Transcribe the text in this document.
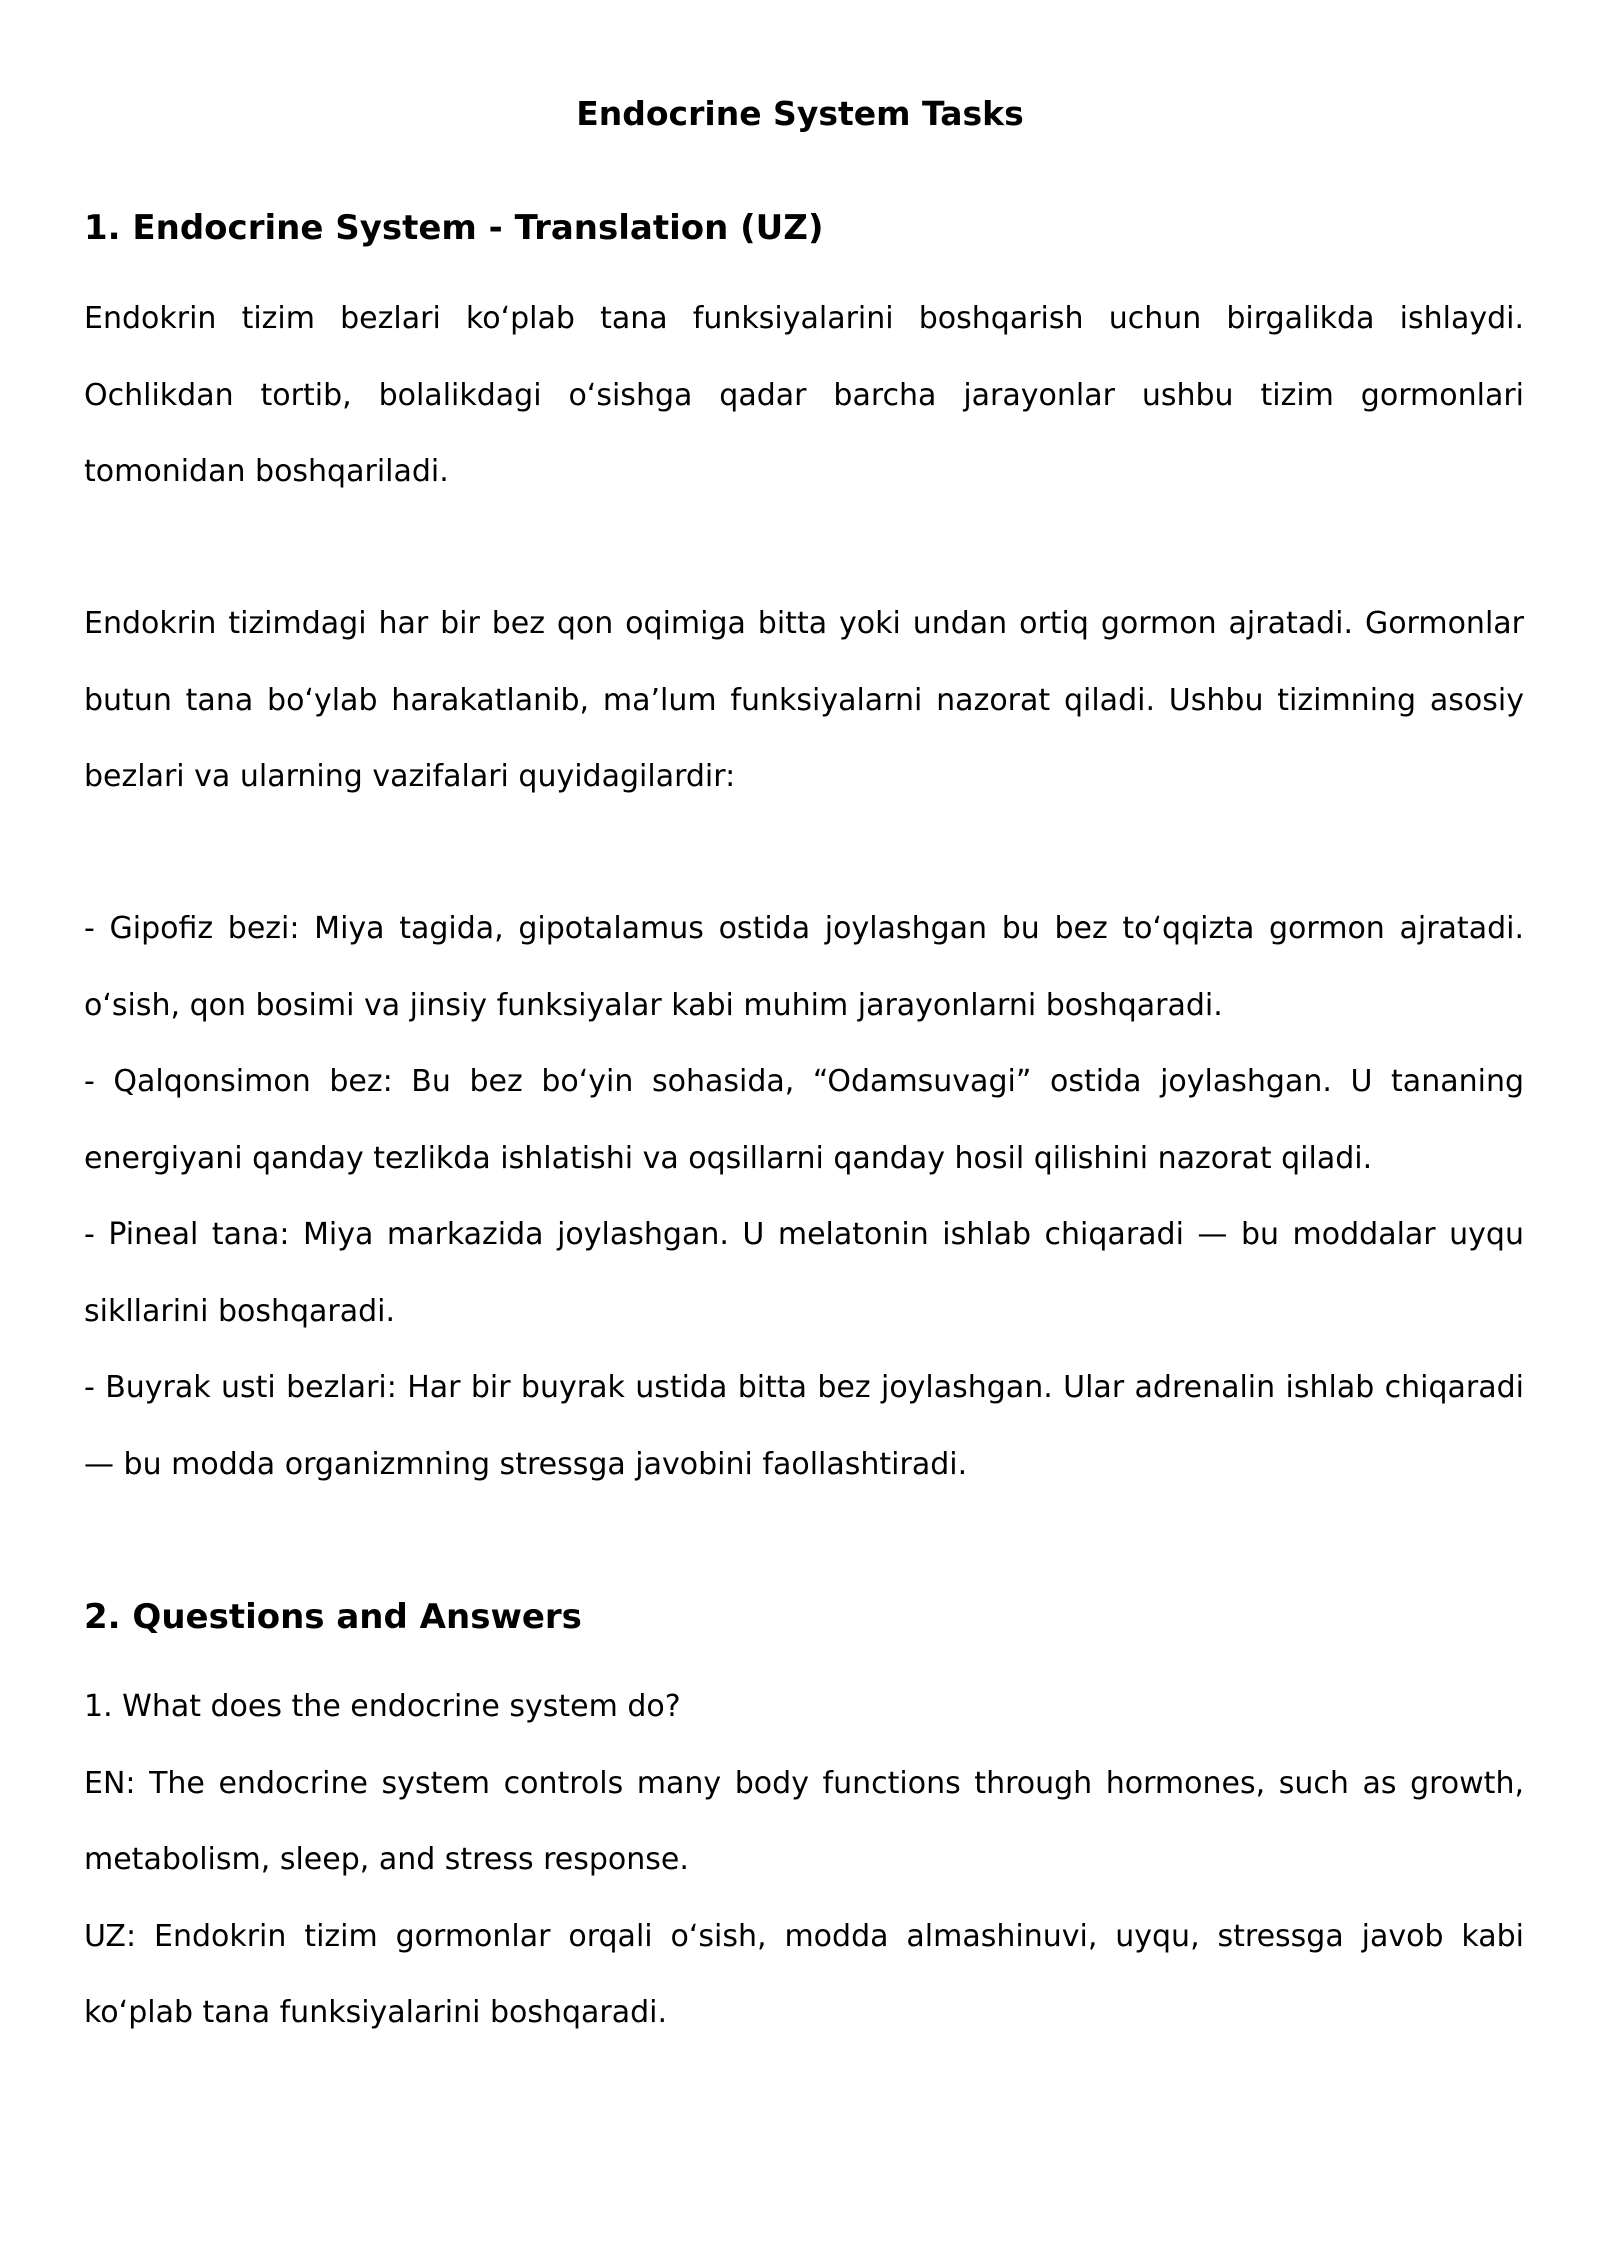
Endocrine System Tasks
1. Endocrine System - Translation (UZ)
Endokrin tizim bezlari ko‘plab tana funksiyalarini boshqarish uchun birgalikda ishlaydi.
Ochlikdan tortib, bolalikdagi o‘sishga qadar barcha jarayonlar ushbu tizim gormonlari
tomonidan boshqariladi.
Endokrin tizimdagi har bir bez qon oqimiga bitta yoki undan ortiq gormon ajratadi. Gormonlar
butun tana bo‘ylab harakatlanib, ma’lum funksiyalarni nazorat qiladi. Ushbu tizimning asosiy
bezlari va ularning vazifalari quyidagilardir:
- Gipofiz bezi: Miya tagida, gipotalamus ostida joylashgan bu bez to‘qqizta gormon ajratadi.
o‘sish, qon bosimi va jinsiy funksiyalar kabi muhim jarayonlarni boshqaradi.
- Qalqonsimon bez: Bu bez bo‘yin sohasida, “Odamsuvagi” ostida joylashgan. U tananing
energiyani qanday tezlikda ishlatishi va oqsillarni qanday hosil qilishini nazorat qiladi.
- Pineal tana: Miya markazida joylashgan. U melatonin ishlab chiqaradi — bu moddalar uyqu
sikllarini boshqaradi.
- Buyrak usti bezlari: Har bir buyrak ustida bitta bez joylashgan. Ular adrenalin ishlab chiqaradi
— bu modda organizmning stressga javobini faollashtiradi.
2. Questions and Answers
1. What does the endocrine system do?
EN: The endocrine system controls many body functions through hormones, such as growth,
metabolism, sleep, and stress response.
UZ: Endokrin tizim gormonlar orqali o‘sish, modda almashinuvi, uyqu, stressga javob kabi
ko‘plab tana funksiyalarini boshqaradi.
